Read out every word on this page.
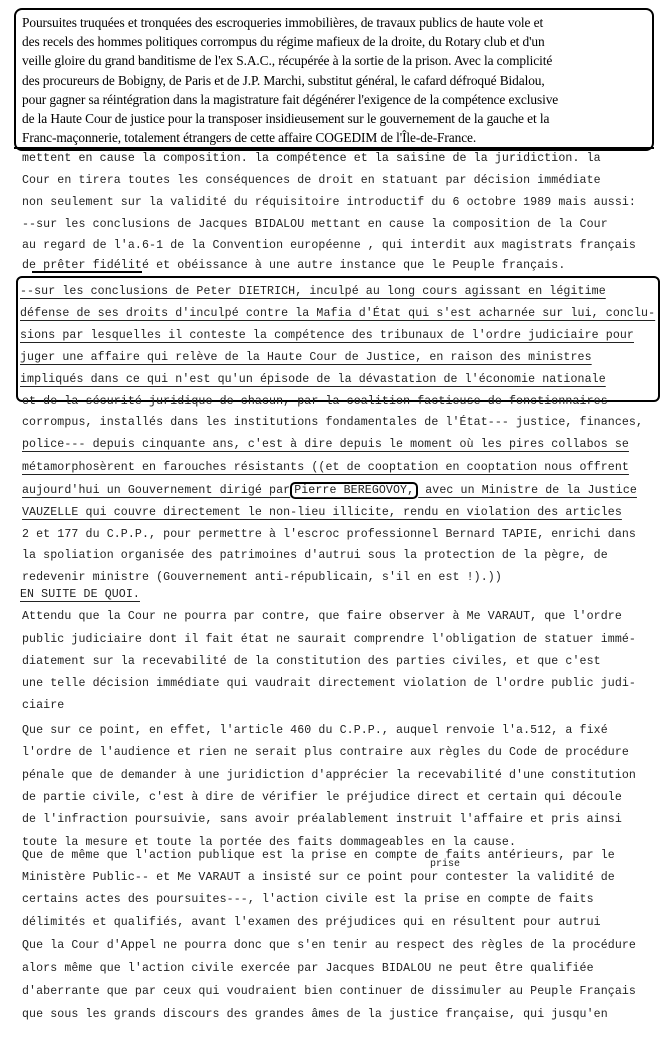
Poursuites truquées et tronquées des escroqueries immobilières, de travaux publics de haute vole et
des recels des hommes politiques corrompus du régime mafieux de la droite, du Rotary club et d'un
veille gloire du grand banditisme de l'ex S.A.C., récupérée à la sortie de la prison. Avec la complicité
des procureurs de Bobigny, de Paris et de J.P. Marchi, substitut général, le cafard défroqué Bidalou,
pour gagner sa réintégration dans la magistrature fait dégénérer l'exigence de la compétence exclusive
de la Haute Cour de justice pour la transposer insidieusement sur le gouvernement de la gauche et la
Franc-maçonnerie, totalement étrangers de cette affaire COGEDIM de l'Île-de-France.
mettent en cause la composition. la compétence et la saisine de la juridiction. la
Cour en tirera toutes les conséquences de droit en statuant par décision immédiate
non seulement sur la validité du réquisitoire introductif du 6 octobre 1989 mais aussi:
--sur les conclusions de Jacques BIDALOU mettant en cause la composition de la Cour
au regard de l'a.6-1 de la Convention européenne , qui interdit aux magistrats français
de prêter fidélité et obéissance à une autre instance que le Peuple français.
--sur les conclusions de Peter DIETRICH, inculpé au long cours agissant en légitime
défense de ses droits d'inculpé contre la Mafia d'État qui s'est acharnée sur lui, conclu-
sions par lesquelles il conteste la compétence des tribunaux de l'ordre judiciaire pour
juger une affaire qui relève de la Haute Cour de Justice, en raison des ministres
impliqués dans ce qui n'est qu'un épisode de la dévastation de l'économie nationale
et de la sécurité juridique de chacun, par la coalition factieuse de fonctionnaires
corrompus, installés dans les institutions fondamentales de l'État--- justice, finances,
police--- depuis cinquante ans, c'est à dire depuis le moment où les pires collabos se
métamorphosèrent en farouches résistants ((et de cooptation en cooptation nous offrent
aujourd'hui un Gouvernement dirigé par Pierre BEREGOVOY, avec un Ministre de la Justice
VAUZELLE qui couvre directement le non-lieu illicite, rendu en violation des articles
2 et 177 du C.P.P., pour permettre à l'escroc professionnel Bernard TAPIE, enrichi dans
la spoliation organisée des patrimoines d'autrui sous la protection de la pègre, de
redevenir ministre (Gouvernement anti-républicain, s'il en est !).))
EN SUITE DE QUOI.
Attendu que la Cour ne pourra par contre, que faire observer à Me VARAUT, que l'ordre
public judiciaire dont il fait état ne saurait comprendre l'obligation de statuer immé-
diatement sur la recevabilité de la constitution des parties civiles, et que c'est
une telle décision immédiate qui vaudrait directement violation de l'ordre public judi-
ciaire
Que sur ce point, en effet, l'article 460 du C.P.P., auquel renvoie l'a.512, a fixé
l'ordre de l'audience et rien ne serait plus contraire aux règles du Code de procédure
pénale que de demander à une juridiction d'apprécier la recevabilité d'une constitution
de partie civile, c'est à dire de vérifier le préjudice direct et certain qui découle
de l'infraction poursuivie, sans avoir préalablement instruit l'affaire et pris ainsi
toute la mesure et toute la portée des faits dommageables en la cause.
Que de même que l'action publique est la prise en compte de faits antérieurs, par le
Ministère Public-- et Me VARAUT a insisté sur ce point pour contester la validité de
certains actes des poursuites---, l'action civile est la prise en compte de faits
délimités et qualifiés, avant l'examen des préjudices qui en résultent pour autrui
Que la Cour d'Appel ne pourra donc que s'en tenir au respect des règles de la procédure
alors même que l'action civile exercée par Jacques BIDALOU ne peut être qualifiée
d'aberrante que par ceux qui voudraient bien continuer de dissimuler au Peuple Français
que sous les grands discours des grandes âmes de la justice française, qui jusqu'en
prise
